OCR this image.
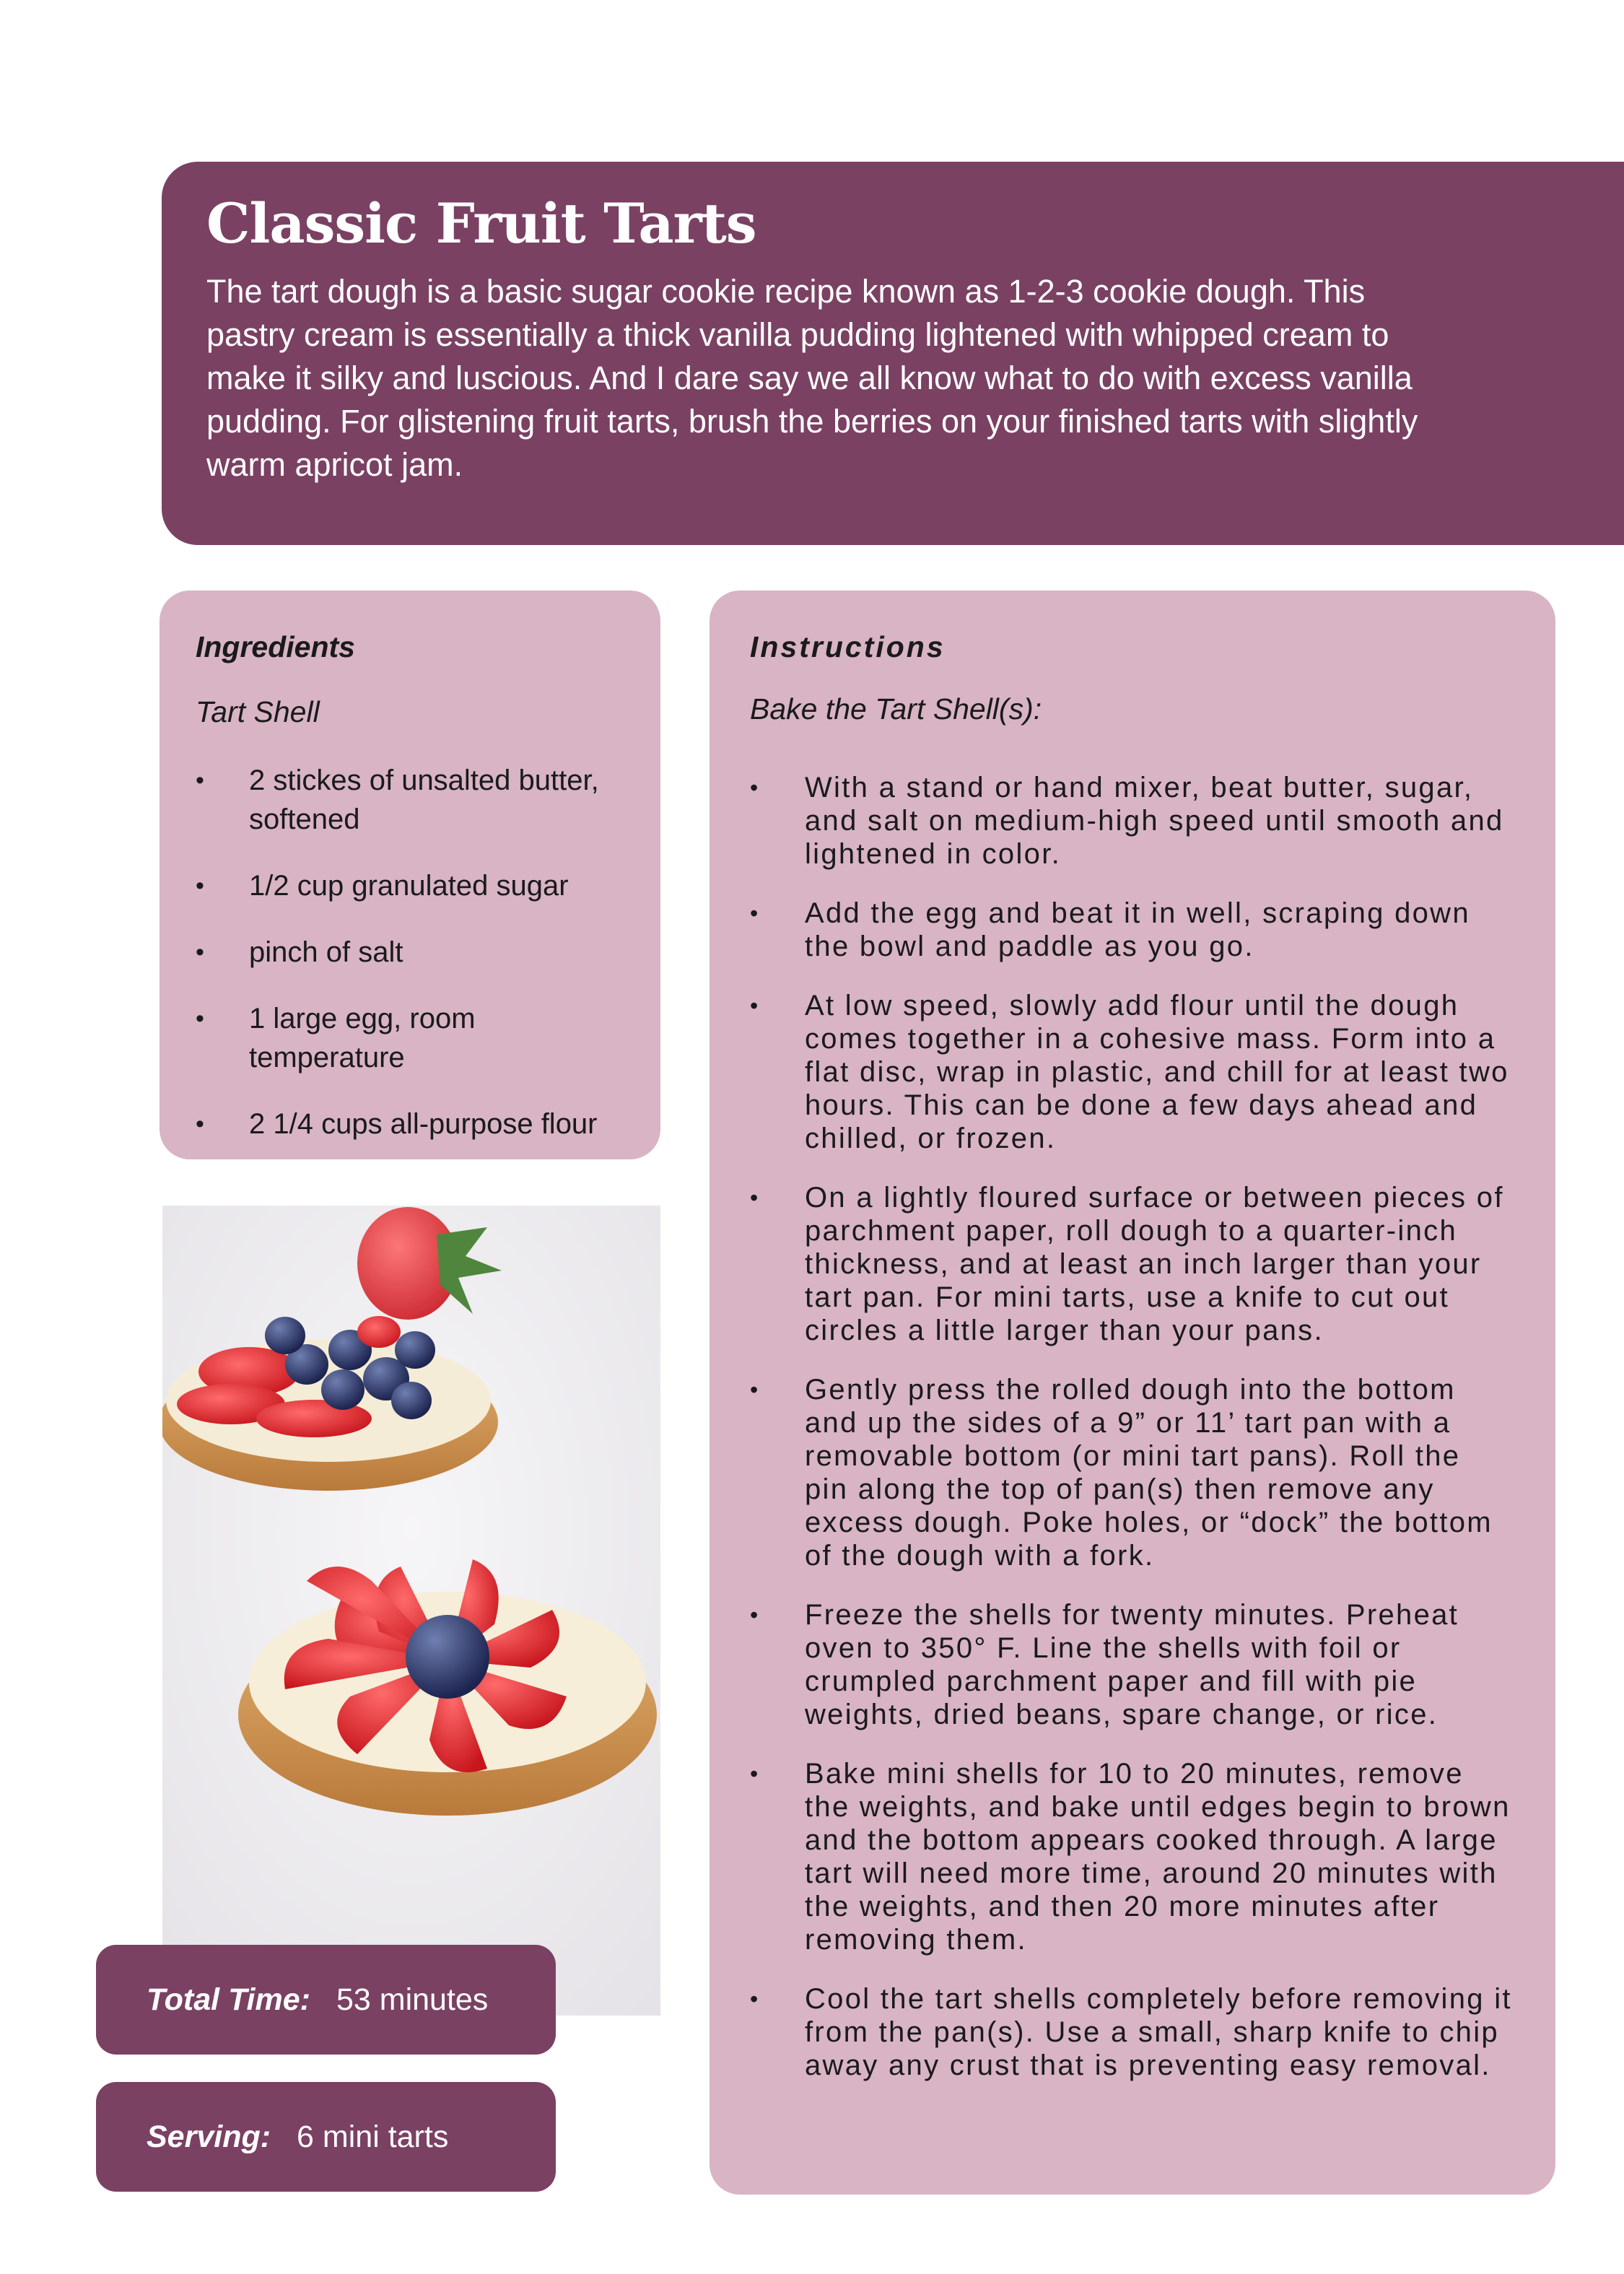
Classic Fruit Tarts

The tart dough is a basic sugar cookie recipe known as 1-2-3 cookie dough. This pastry cream is essentially a thick vanilla pudding lightened with whipped cream to make it silky and luscious. And I dare say we all know what to do with excess vanilla pudding. For glistening fruit tarts, brush the berries on your finished tarts with slightly warm apricot jam.

Ingredients
Tart Shell
• 2 stickes of unsalted butter, softened
• 1/2 cup granulated sugar
• pinch of salt
• 1 large egg, room temperature
• 2 1/4 cups all-purpose flour
Total Time: 53 minutes
Serving: 6 mini tarts
Instructions
Bake the Tart Shell(s):
• With a stand or hand mixer, beat butter, sugar, and salt on medium-high speed until smooth and lightened in color.
• Add the egg and beat it in well, scraping down the bowl and paddle as you go.
• At low speed, slowly add flour until the dough comes together in a cohesive mass. Form into a flat disc, wrap in plastic, and chill for at least two hours. This can be done a few days ahead and chilled, or frozen.
• On a lightly floured surface or between pieces of parchment paper, roll dough to a quarter-inch thickness, and at least an inch larger than your tart pan. For mini tarts, use a knife to cut out circles a little larger than your pans.
• Gently press the rolled dough into the bottom and up the sides of a 9” or 11’ tart pan with a removable bottom (or mini tart pans). Roll the pin along the top of pan(s) then remove any excess dough. Poke holes, or “dock” the bottom of the dough with a fork.
• Freeze the shells for twenty minutes. Preheat oven to 350° F. Line the shells with foil or crumpled parchment paper and fill with pie weights, dried beans, spare change, or rice.
• Bake mini shells for 10 to 20 minutes, remove the weights, and bake until edges begin to brown and the bottom appears cooked through. A large tart will need more time, around 20 minutes with the weights, and then 20 more minutes after removing them.
• Cool the tart shells completely before removing it from the pan(s). Use a small, sharp knife to chip away any crust that is preventing easy removal.
